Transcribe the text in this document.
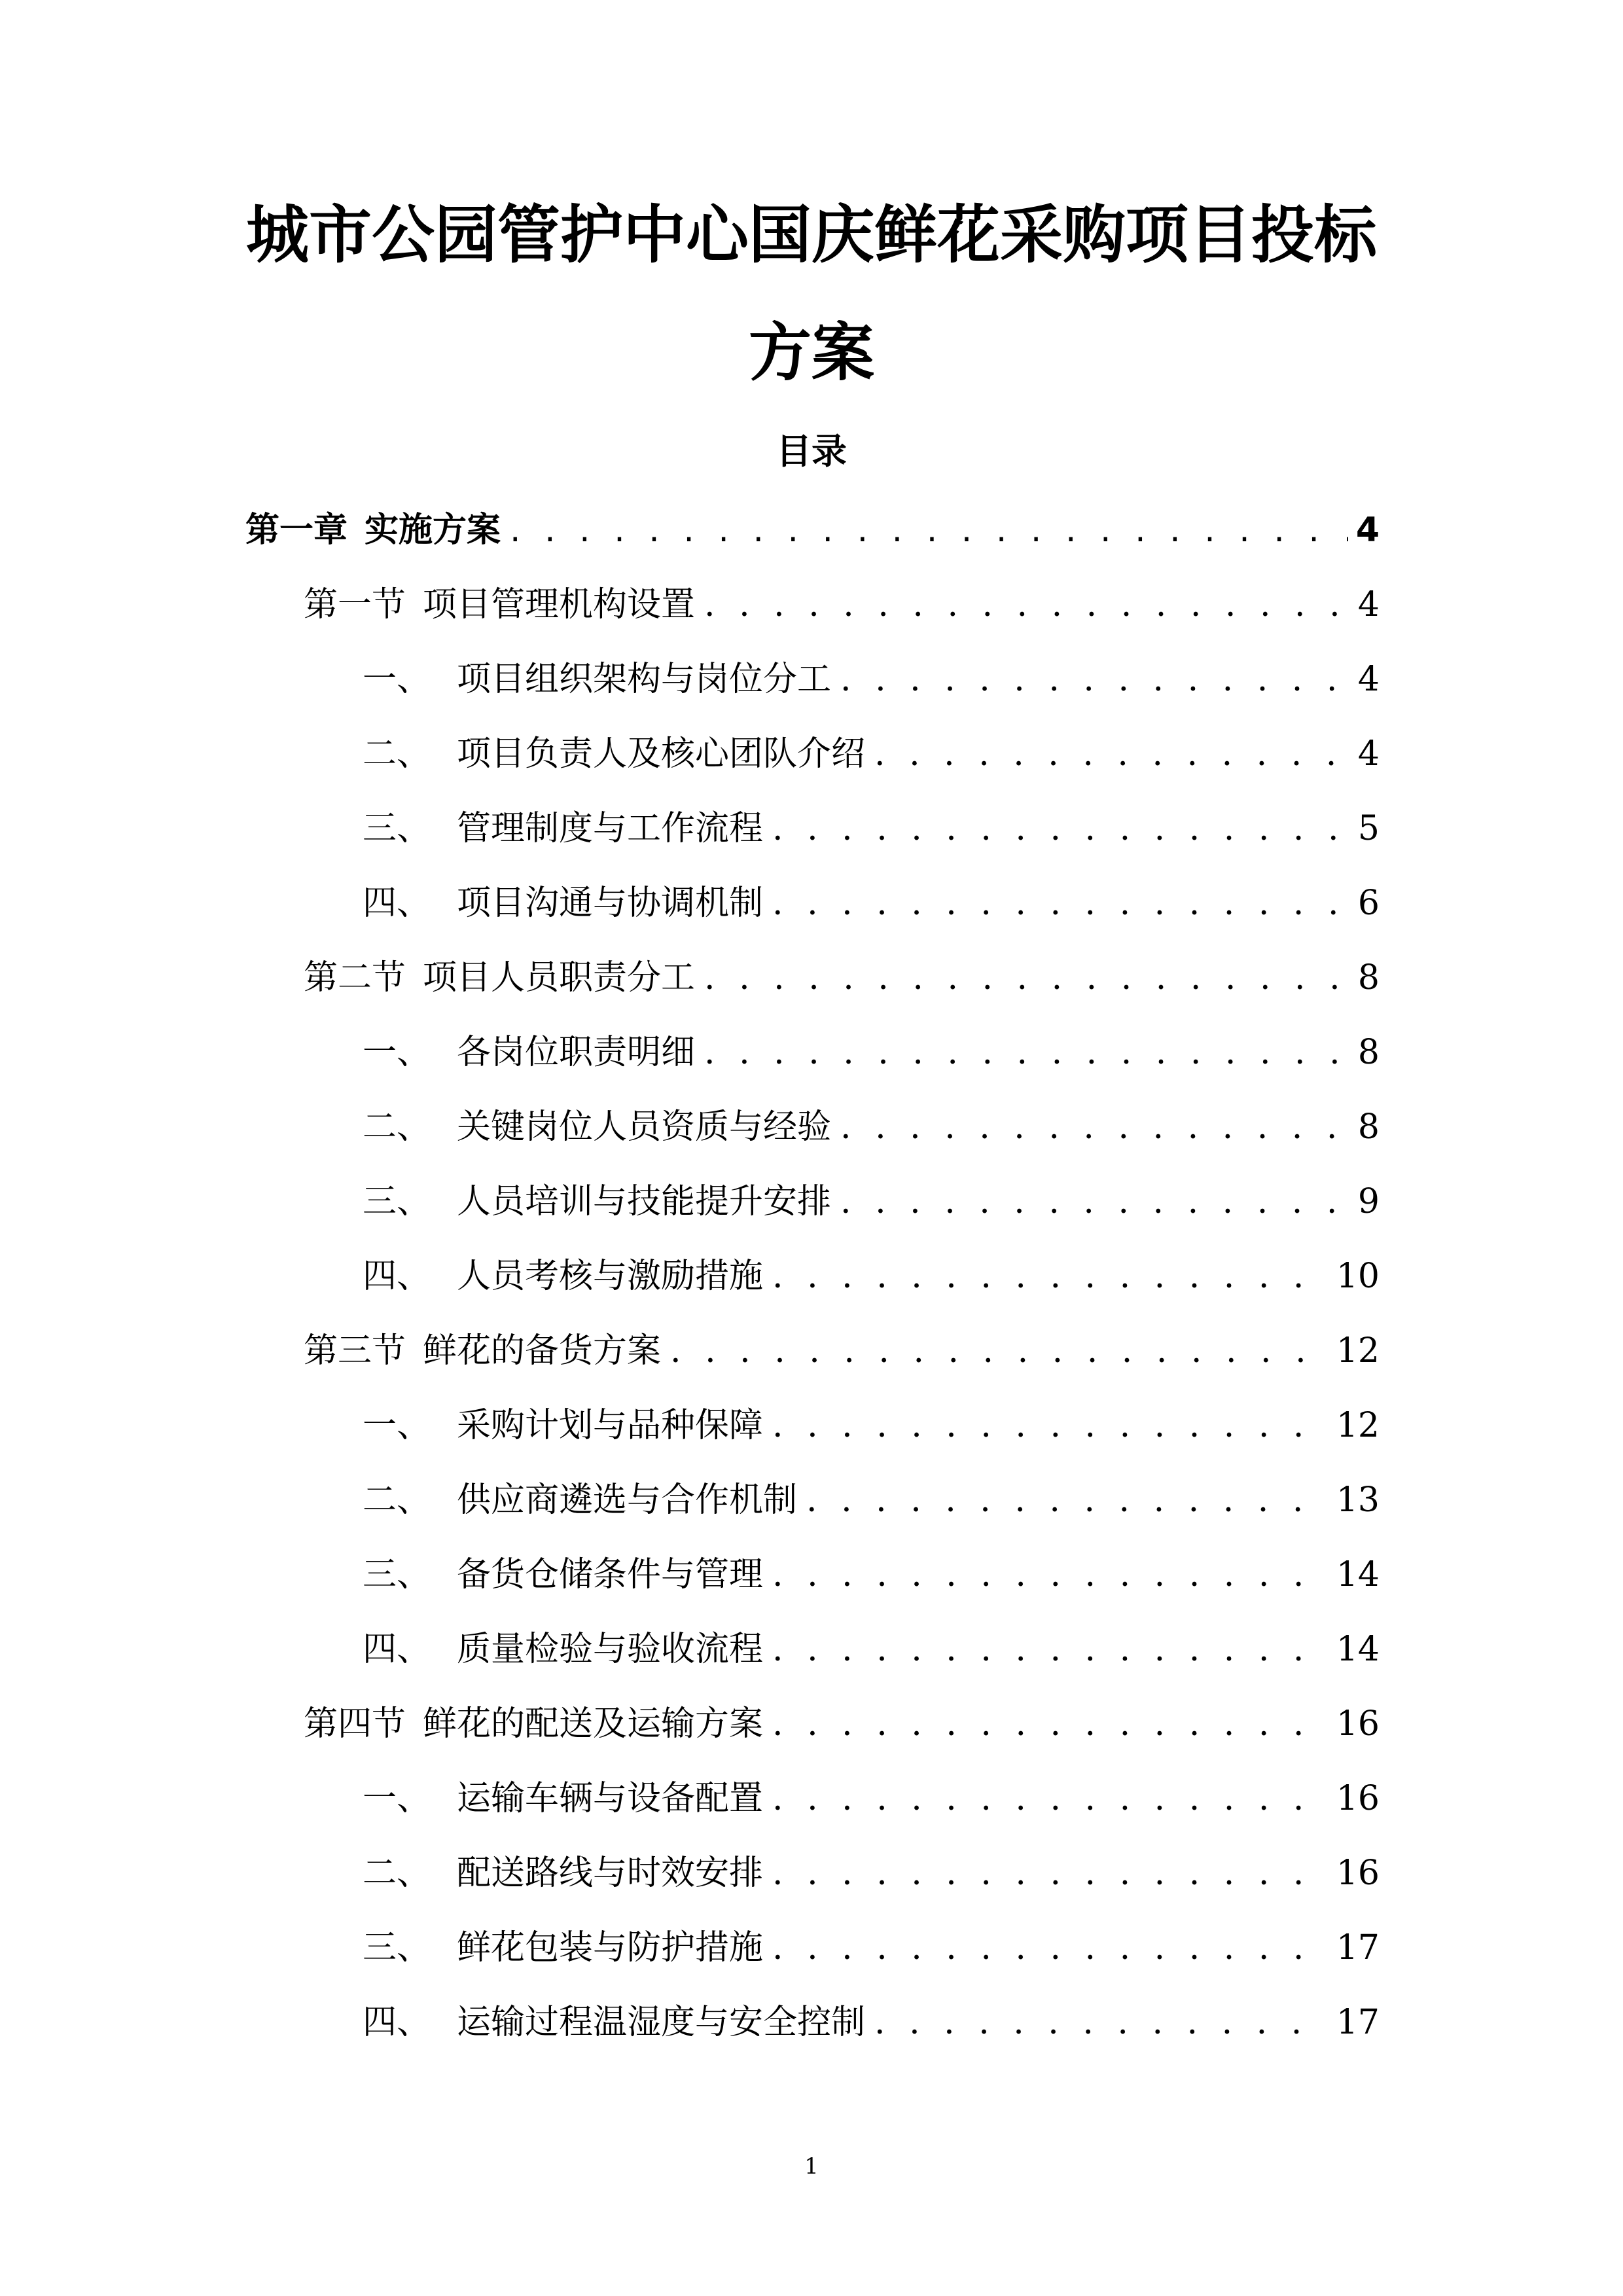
城市公园管护中心国庆鲜花采购项目投标
方案
目录
第一章 实施方案 . . .	4
第一节 项目管理机构设置 . . .	4
一、 项目组织架构与岗位分工 . . .	4
二、 项目负责人及核心团队介绍 . . .	4
三、 管理制度与工作流程 . . .	5
四、 项目沟通与协调机制 . . .	6
第二节 项目人员职责分工 . . .	8
一、 各岗位职责明细 . . .	8
二、 关键岗位人员资质与经验 . . .	8
三、 人员培训与技能提升安排 . . .	9
四、 人员考核与激励措施 . . .	10
第三节 鲜花的备货方案 . . .	12
一、 采购计划与品种保障 . . .	12
二、 供应商遴选与合作机制 . . .	13
三、 备货仓储条件与管理 . . .	14
四、 质量检验与验收流程 . . .	14
第四节 鲜花的配送及运输方案 . . .	16
一、 运输车辆与设备配置 . . .	16
二、 配送路线与时效安排 . . .	16
三、 鲜花包装与防护措施 . . .	17
四、 运输过程温湿度与安全控制 . . .	17
1
